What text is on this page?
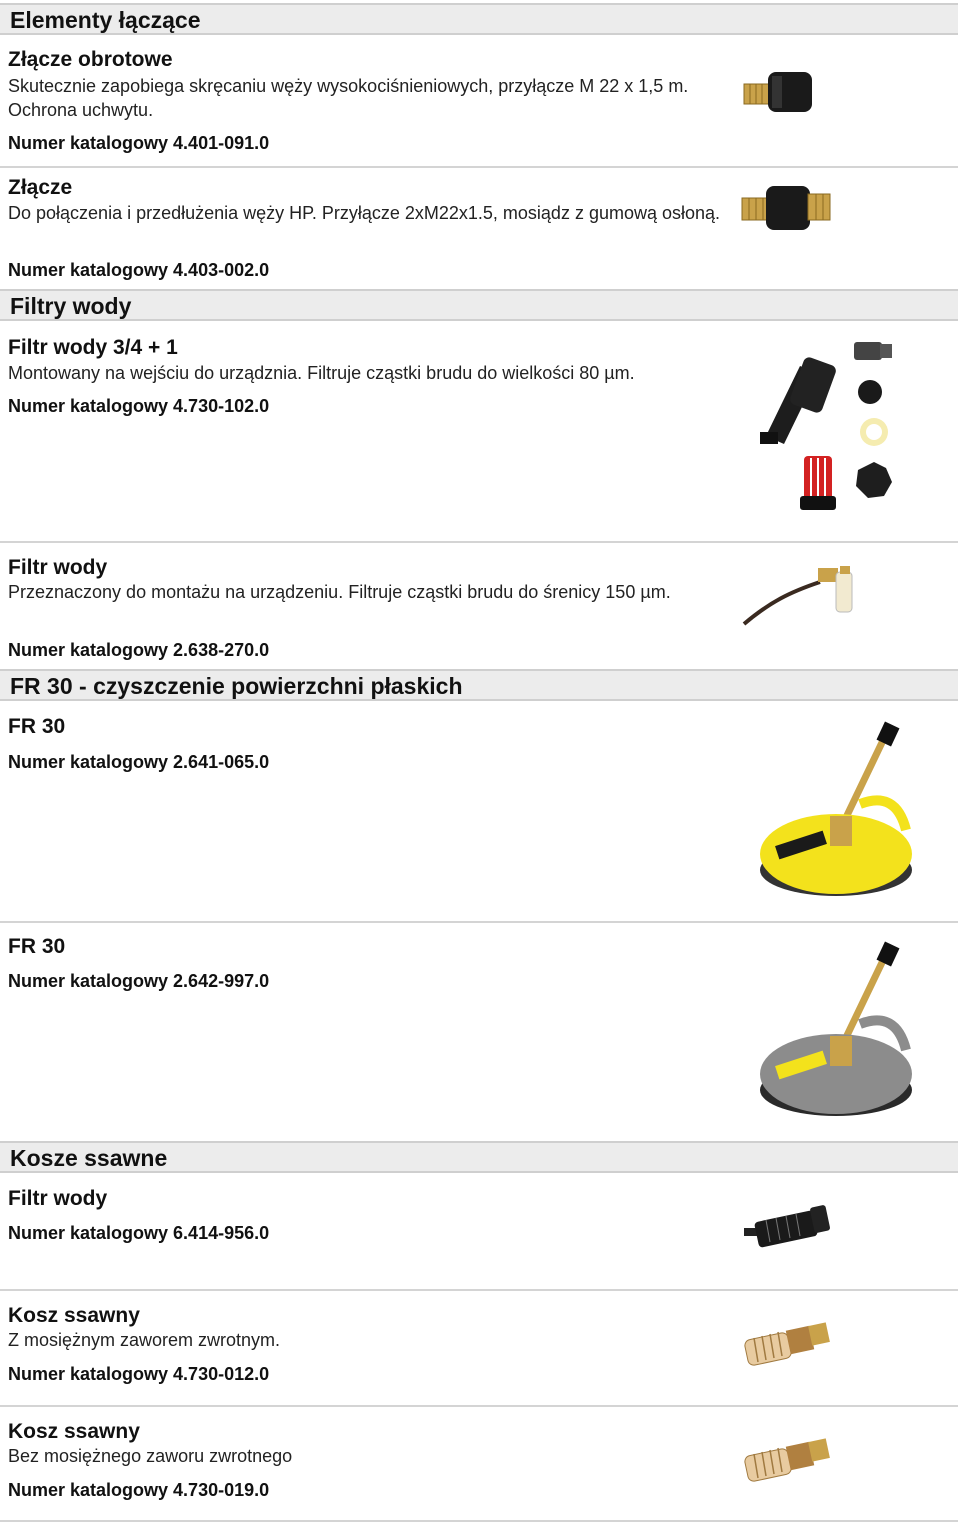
Elementy łączące
Złącze obrotowe
Skutecznie zapobiega skręcaniu wężу wysokociśnieniowych, przyłącze M 22 x 1,5 m. Ochrona uchwytu.
Numer katalogowy 4.401-091.0
Złącze
Do połączenia i przedłużenia węży HP. Przyłącze 2xM22x1.5, mosiądz z gumową osłoną.
Numer katalogowy 4.403-002.0
Filtry wody
Filtr wody 3/4 + 1
Montowany na wejściu do urządznia. Filtruje cząstki brudu do wielkości 80 µm.
Numer katalogowy 4.730-102.0
Filtr wody
Przeznaczony do montażu na urządzeniu. Filtruje cząstki brudu do śrenicy 150 µm.
Numer katalogowy 2.638-270.0
FR 30 - czyszczenie powierzchni płaskich
FR 30
Numer katalogowy 2.641-065.0
FR 30
Numer katalogowy 2.642-997.0
Kosze ssawne
Filtr wody
Numer katalogowy 6.414-956.0
Kosz ssawny
Z mosiężnym zaworem zwrotnym.
Numer katalogowy 4.730-012.0
Kosz ssawny
Bez mosiężnego zaworu zwrotnego
Numer katalogowy 4.730-019.0
